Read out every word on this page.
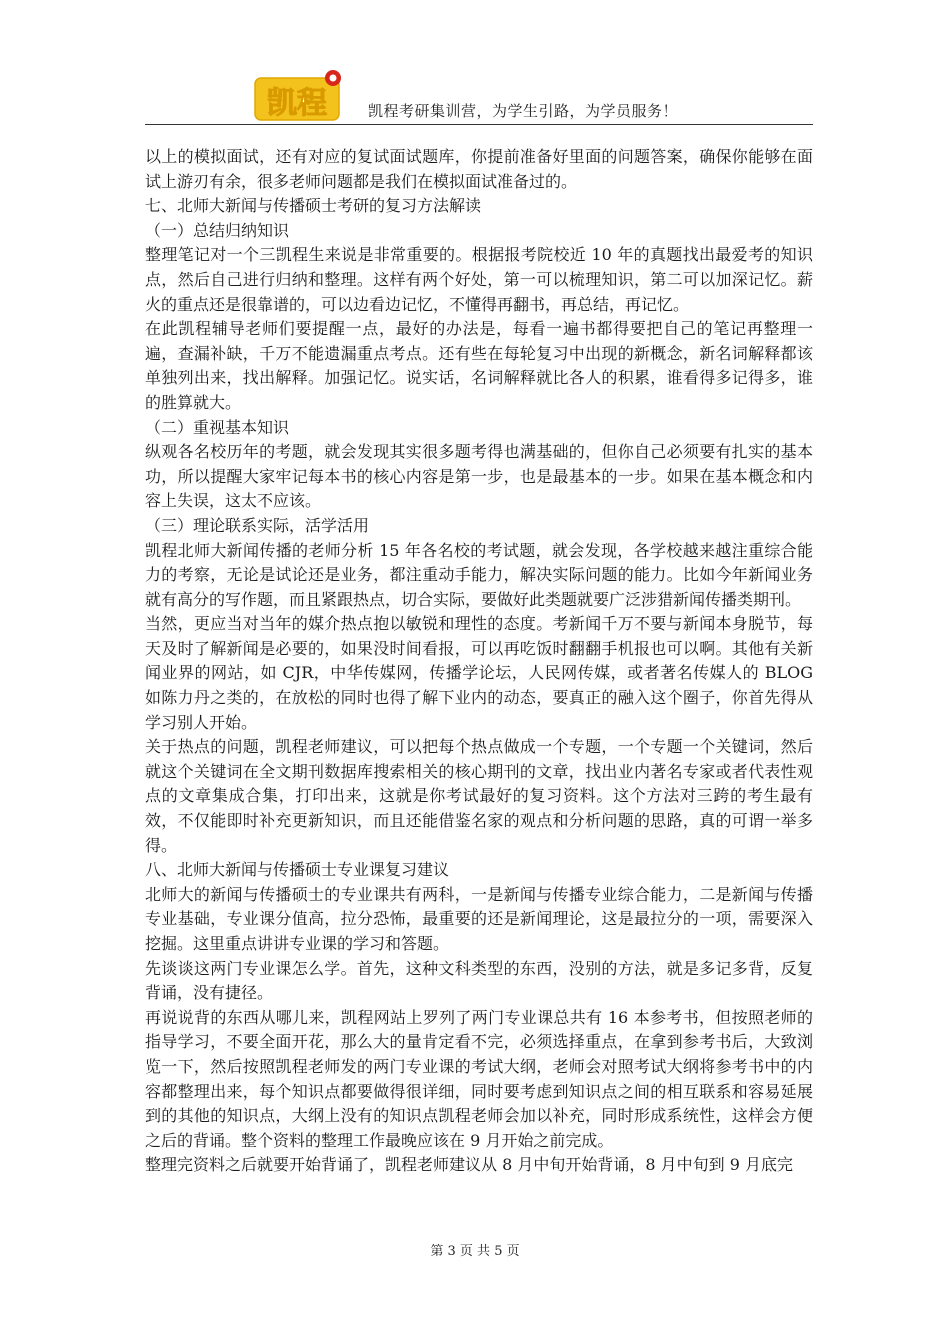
凯程	凯程考研集训营，为学生引路，为学员服务！

以上的模拟面试，还有对应的复试面试题库，你提前准备好里面的问题答案，确保你能够在面试上游刃有余，很多老师问题都是我们在模拟面试准备过的。

七、北师大新闻与传播硕士考研的复习方法解读

（一）总结归纳知识

整理笔记对一个三凯程生来说是非常重要的。根据报考院校近 10 年的真题找出最爱考的知识点，然后自己进行归纳和整理。这样有两个好处，第一可以梳理知识，第二可以加深记忆。薪火的重点还是很靠谱的，可以边看边记忆，不懂得再翻书，再总结，再记忆。

在此凯程辅导老师们要提醒一点，最好的办法是，每看一遍书都得要把自己的笔记再整理一遍，查漏补缺，千万不能遗漏重点考点。还有些在每轮复习中出现的新概念，新名词解释都该单独列出来，找出解释。加强记忆。说实话，名词解释就比各人的积累，谁看得多记得多，谁的胜算就大。

（二）重视基本知识

纵观各名校历年的考题，就会发现其实很多题考得也满基础的，但你自己必须要有扎实的基本功，所以提醒大家牢记每本书的核心内容是第一步，也是最基本的一步。如果在基本概念和内容上失误，这太不应该。

（三）理论联系实际，活学活用

凯程北师大新闻传播的老师分析 15 年各名校的考试题，就会发现，各学校越来越注重综合能力的考察，无论是试论还是业务，都注重动手能力，解决实际问题的能力。比如今年新闻业务就有高分的写作题，而且紧跟热点，切合实际，要做好此类题就要广泛涉猎新闻传播类期刊。

当然，更应当对当年的媒介热点抱以敏锐和理性的态度。考新闻千万不要与新闻本身脱节，每天及时了解新闻是必要的，如果没时间看报，可以再吃饭时翻翻手机报也可以啊。其他有关新闻业界的网站，如 CJR，中华传媒网，传播学论坛，人民网传媒，或者著名传媒人的 BLOG 如陈力丹之类的，在放松的同时也得了解下业内的动态，要真正的融入这个圈子，你首先得从学习别人开始。

关于热点的问题，凯程老师建议，可以把每个热点做成一个专题，一个专题一个关键词，然后就这个关键词在全文期刊数据库搜索相关的核心期刊的文章，找出业内著名专家或者代表性观点的文章集成合集，打印出来，这就是你考试最好的复习资料。这个方法对三跨的考生最有效，不仅能即时补充更新知识，而且还能借鉴名家的观点和分析问题的思路，真的可谓一举多得。

八、北师大新闻与传播硕士专业课复习建议

北师大的新闻与传播硕士的专业课共有两科，一是新闻与传播专业综合能力，二是新闻与传播专业基础，专业课分值高，拉分恐怖，最重要的还是新闻理论，这是最拉分的一项，需要深入挖掘。这里重点讲讲专业课的学习和答题。

先谈谈这两门专业课怎么学。首先，这种文科类型的东西，没别的方法，就是多记多背，反复背诵，没有捷径。

再说说背的东西从哪儿来，凯程网站上罗列了两门专业课总共有 16 本参考书，但按照老师的指导学习，不要全面开花，那么大的量肯定看不完，必须选择重点，在拿到参考书后，大致浏览一下，然后按照凯程老师发的两门专业课的考试大纲，老师会对照考试大纲将参考书中的内容都整理出来，每个知识点都要做得很详细，同时要考虑到知识点之间的相互联系和容易延展到的其他的知识点，大纲上没有的知识点凯程老师会加以补充，同时形成系统性，这样会方便之后的背诵。整个资料的整理工作最晚应该在 9 月开始之前完成。

整理完资料之后就要开始背诵了，凯程老师建议从 8 月中旬开始背诵，8 月中旬到 9 月底完

第 3 页 共 5 页
